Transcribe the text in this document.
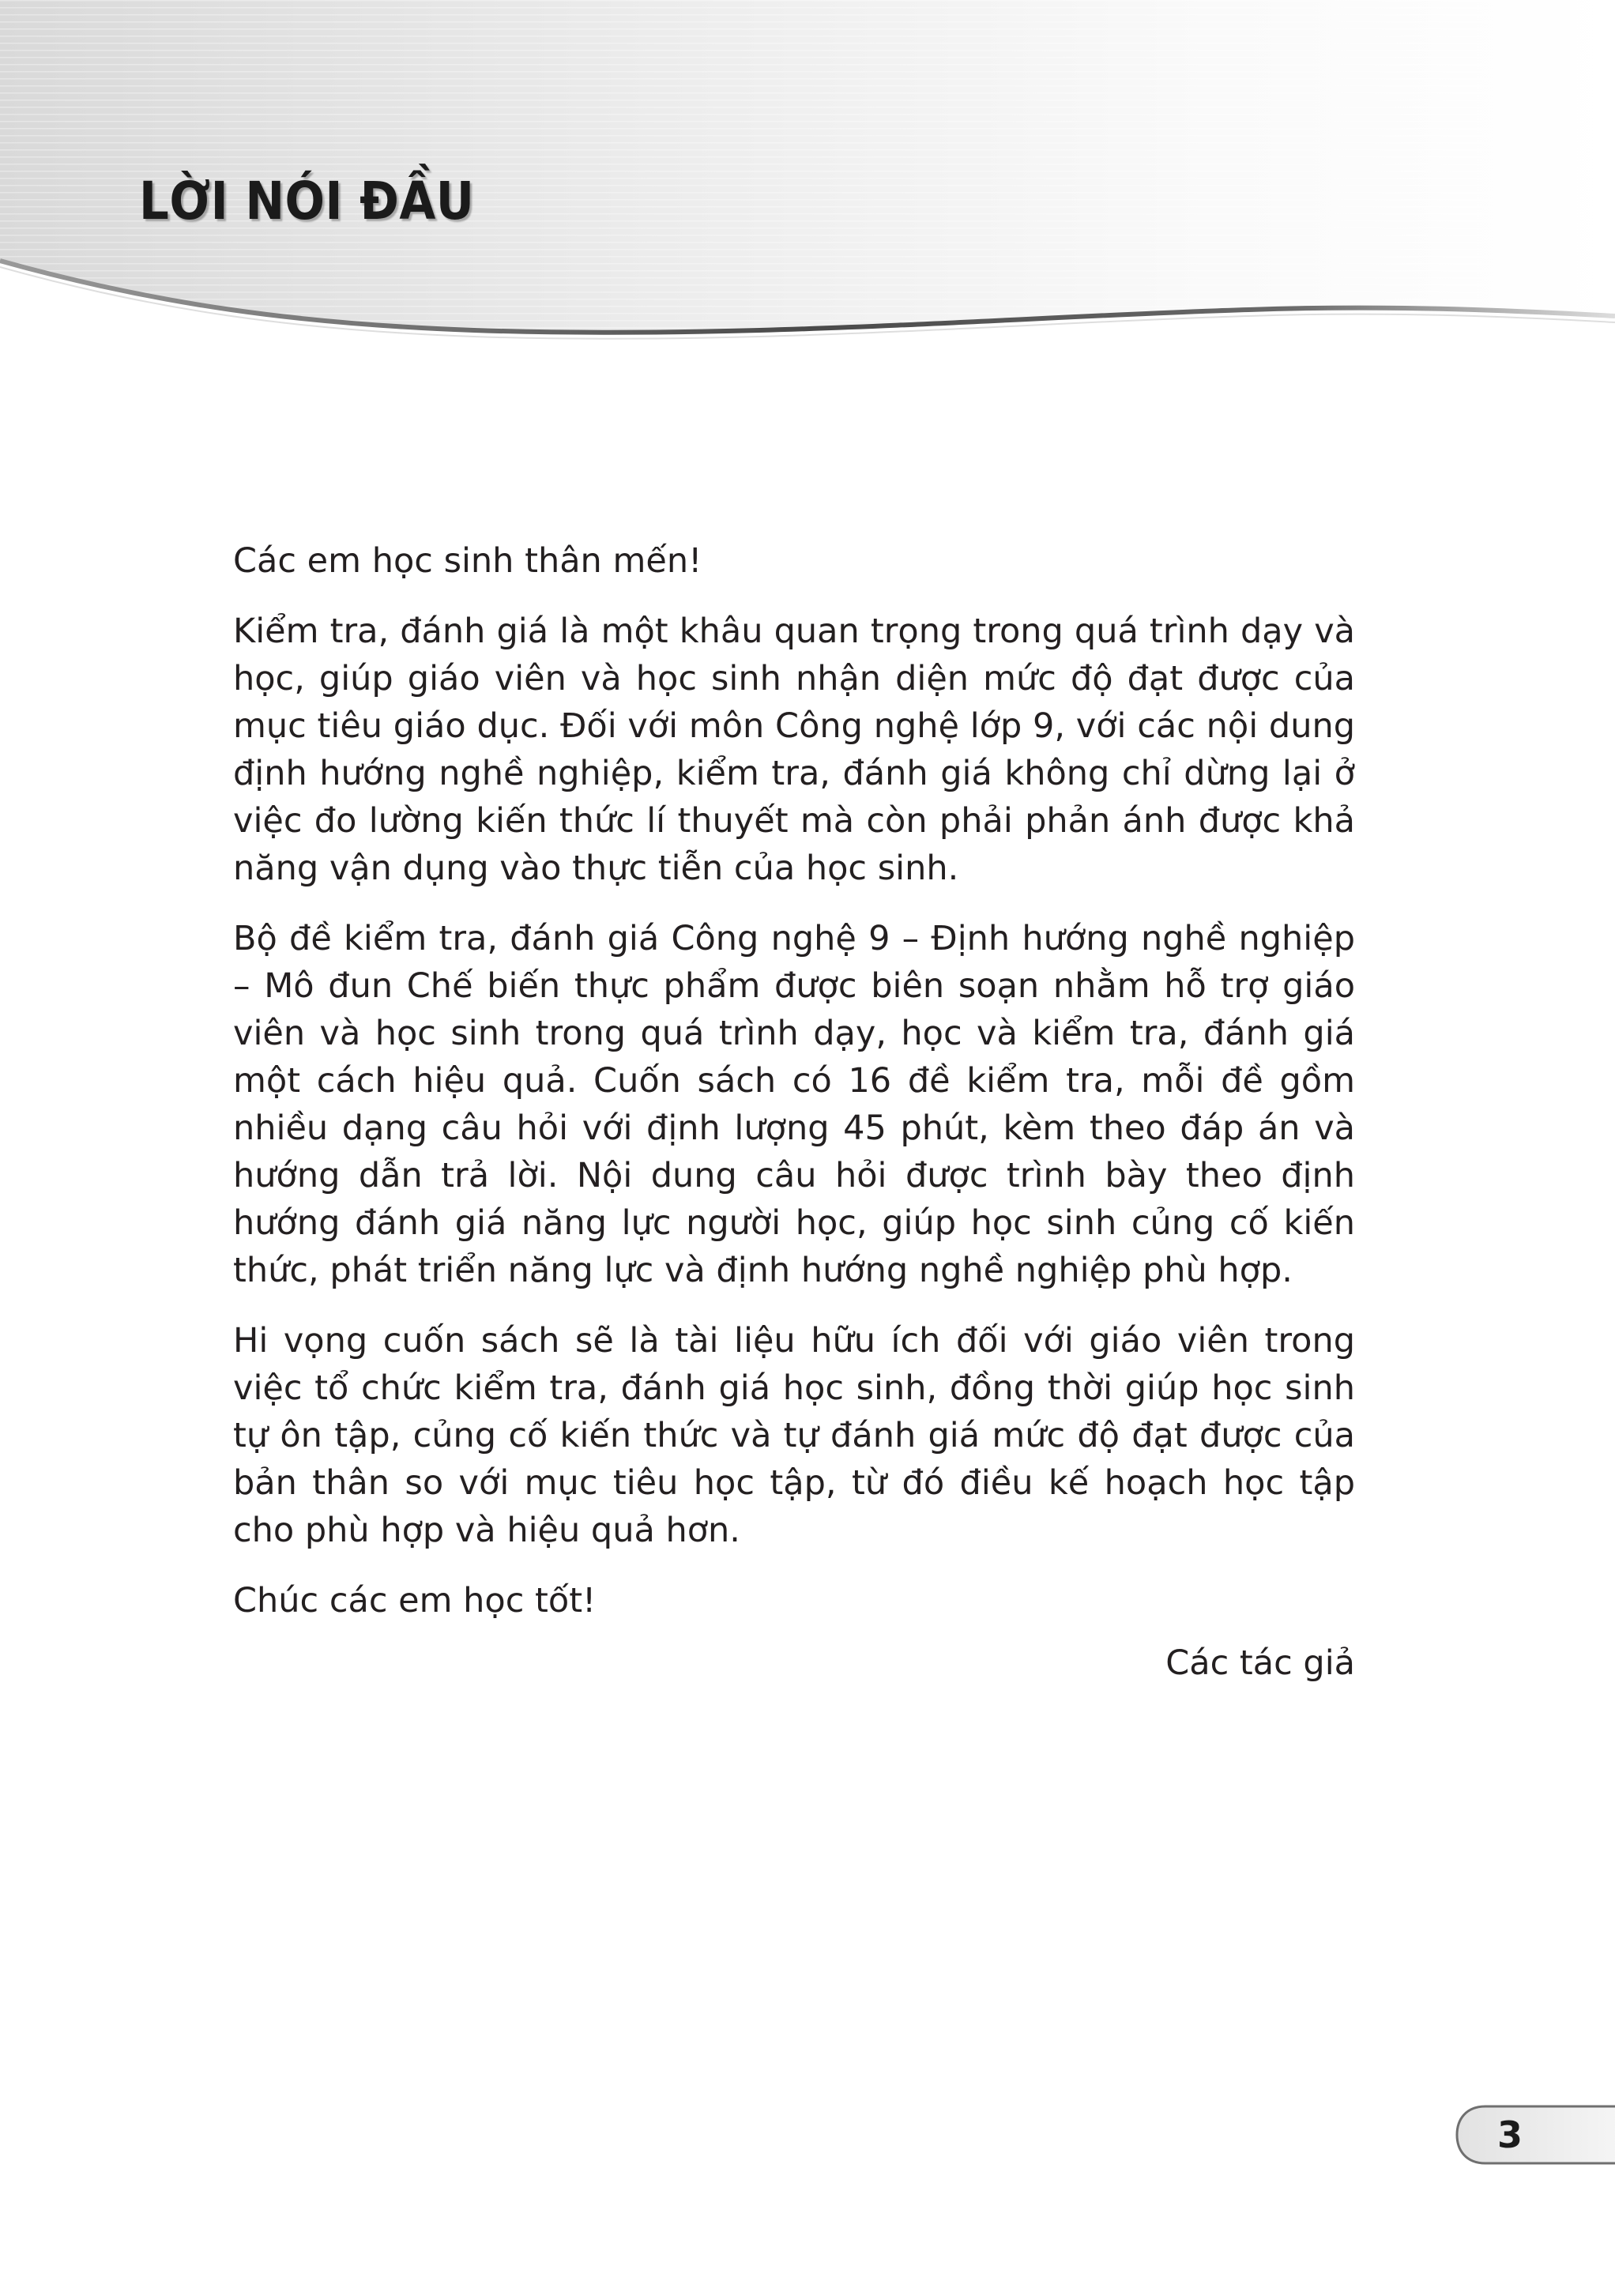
LỜI NÓI ĐẦU

Các em học sinh thân mến!

Kiểm tra, đánh giá là một khâu quan trọng trong quá trình dạy và học, giúp giáo viên và học sinh nhận diện mức độ đạt được của mục tiêu giáo dục. Đối với môn Công nghệ lớp 9, với các nội dung định hướng nghề nghiệp, kiểm tra, đánh giá không chỉ dừng lại ở việc đo lường kiến thức lí thuyết mà còn phải phản ánh được khả năng vận dụng vào thực tiễn của học sinh.

Bộ đề kiểm tra, đánh giá Công nghệ 9 – Định hướng nghề nghiệp – Mô đun Chế biến thực phẩm được biên soạn nhằm hỗ trợ giáo viên và học sinh trong quá trình dạy, học và kiểm tra, đánh giá một cách hiệu quả. Cuốn sách có 16 đề kiểm tra, mỗi đề gồm nhiều dạng câu hỏi với định lượng 45 phút, kèm theo đáp án và hướng dẫn trả lời. Nội dung câu hỏi được trình bày theo định hướng đánh giá năng lực người học, giúp học sinh củng cố kiến thức, phát triển năng lực và định hướng nghề nghiệp phù hợp.

Hi vọng cuốn sách sẽ là tài liệu hữu ích đối với giáo viên trong việc tổ chức kiểm tra, đánh giá học sinh, đồng thời giúp học sinh tự ôn tập, củng cố kiến thức và tự đánh giá mức độ đạt được của bản thân so với mục tiêu học tập, từ đó điều kế hoạch học tập cho phù hợp và hiệu quả hơn.

Chúc các em học tốt!

Các tác giả

3
